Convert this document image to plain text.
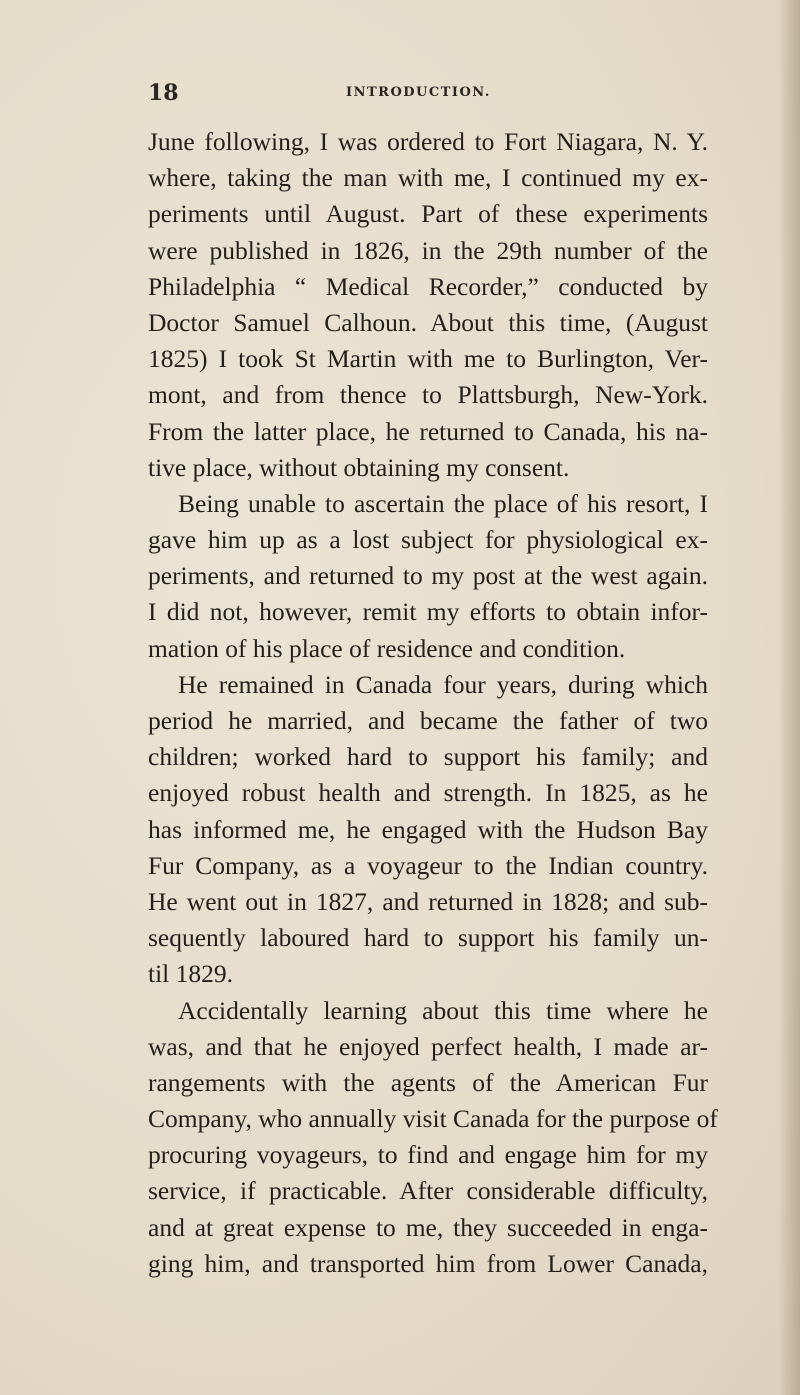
18	INTRODUCTION.
June following, I was ordered to Fort Niagara, N. Y.
where, taking the man with me, I continued my ex-
periments until August. Part of these experiments
were published in 1826, in the 29th number of the
Philadelphia “ Medical Recorder,” conducted by
Doctor Samuel Calhoun. About this time, (August
1825) I took St Martin with me to Burlington, Ver-
mont, and from thence to Plattsburgh, New-York.
From the latter place, he returned to Canada, his na-
tive place, without obtaining my consent.
Being unable to ascertain the place of his resort, I
gave him up as a lost subject for physiological ex-
periments, and returned to my post at the west again.
I did not, however, remit my efforts to obtain infor-
mation of his place of residence and condition.
He remained in Canada four years, during which
period he married, and became the father of two
children; worked hard to support his family; and
enjoyed robust health and strength. In 1825, as he
has informed me, he engaged with the Hudson Bay
Fur Company, as a voyageur to the Indian country.
He went out in 1827, and returned in 1828; and sub-
sequently laboured hard to support his family un-
til 1829.
Accidentally learning about this time where he
was, and that he enjoyed perfect health, I made ar-
rangements with the agents of the American Fur
Company, who annually visit Canada for the purpose of
procuring voyageurs, to find and engage him for my
service, if practicable. After considerable difficulty,
and at great expense to me, they succeeded in enga-
ging him, and transported him from Lower Canada,
